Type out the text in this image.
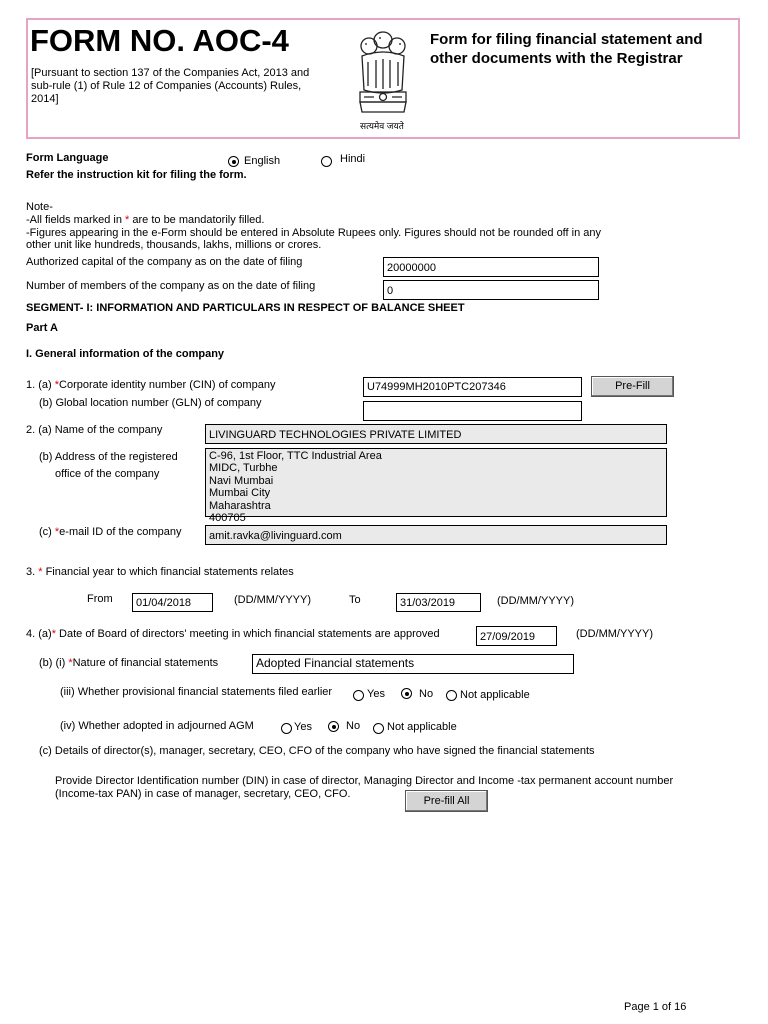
FORM NO. AOC-4
[Pursuant to section 137 of the Companies Act, 2013 and sub-rule (1) of Rule 12 of Companies (Accounts) Rules, 2014]
सत्यमेव जयते
Form for filing financial statement and other documents with the Registrar
Form Language	English	Hindi
Refer the instruction kit for filing the form.
Note-
-All fields marked in * are to be mandatorily filled.
-Figures appearing in the e-Form should be entered in Absolute Rupees only. Figures should not be rounded off in any
other unit like hundreds, thousands, lakhs, millions or crores.
Authorized capital of the company as on the date of filing	20000000
Number of members of the company as on the date of filing	0
SEGMENT- I: INFORMATION AND PARTICULARS IN RESPECT OF BALANCE SHEET
Part A
I. General information of the company
1. (a) *Corporate identity number (CIN) of company	U74999MH2010PTC207346	Pre-Fill
(b) Global location number (GLN) of company
2. (a) Name of the company	LIVINGUARD TECHNOLOGIES PRIVATE LIMITED
(b) Address of the registered
office of the company
C-96, 1st Floor, TTC Industrial Area
MIDC, Turbhe
Navi Mumbai
Mumbai City
Maharashtra
400705
(c) *e-mail ID of the company	amit.ravka@livinguard.com
3. * Financial year to which financial statements relates
From	01/04/2018	(DD/MM/YYYY)	To	31/03/2019	(DD/MM/YYYY)
4. (a)* Date of Board of directors' meeting in which financial statements are approved	27/09/2019	(DD/MM/YYYY)
(b) (i) *Nature of financial statements	Adopted Financial statements
(iii) Whether provisional financial statements filed earlier	Yes	No Not applicable
(iv) Whether adopted in adjourned AGM	Yes	No Not applicable
(c) Details of director(s), manager, secretary, CEO, CFO of the company who have signed the financial statements
Provide Director Identification number (DIN) in case of director, Managing Director and Income -tax permanent account number
(Income-tax PAN) in case of manager, secretary, CEO, CFO.
Pre-fill All
Page 1 of 16
